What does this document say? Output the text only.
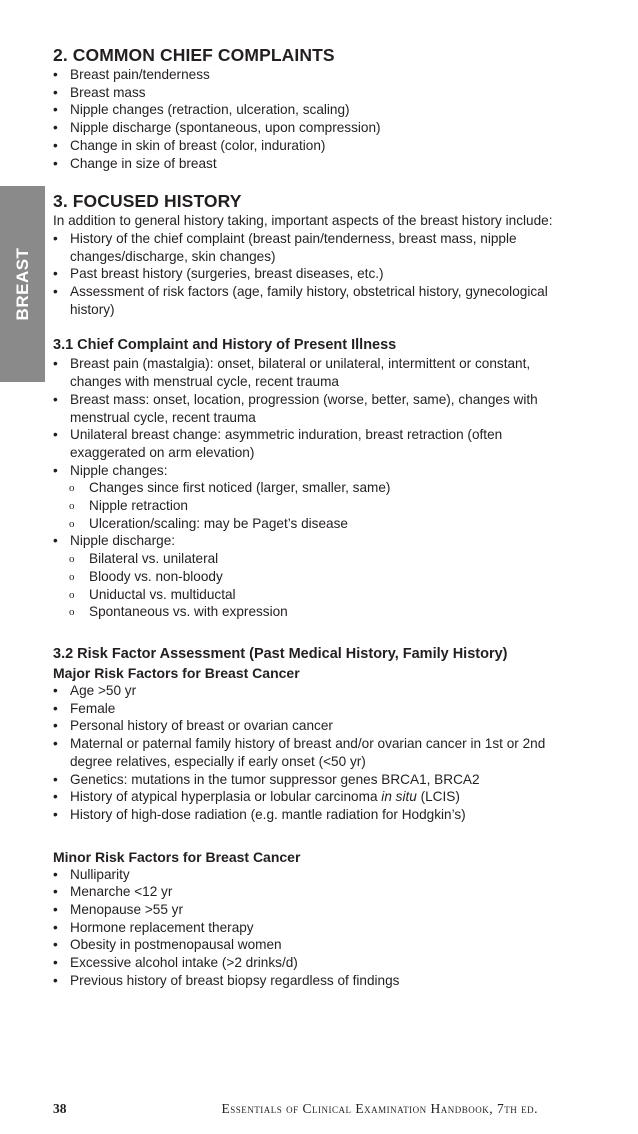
BREAST
2. COMMON CHIEF COMPLAINTS
• Breast pain/tenderness
• Breast mass
• Nipple changes (retraction, ulceration, scaling)
• Nipple discharge (spontaneous, upon compression)
• Change in skin of breast (color, induration)
• Change in size of breast
3. FOCUSED HISTORY

In addition to general history taking, important aspects of the breast history include:

• History of the chief complaint (breast pain/tenderness, breast mass, nipple changes/discharge, skin changes)
• Past breast history (surgeries, breast diseases, etc.)
• Assessment of risk factors (age, family history, obstetrical history, gynecological history)
3.1 Chief Complaint and History of Present Illness
• Breast pain (mastalgia): onset, bilateral or unilateral, intermittent or constant, changes with menstrual cycle, recent trauma
• Breast mass: onset, location, progression (worse, better, same), changes with menstrual cycle, recent trauma
• Unilateral breast change: asymmetric induration, breast retraction (often exaggerated on arm elevation)
• Nipple changes:
o Changes since first noticed (larger, smaller, same)
o Nipple retraction
o Ulceration/scaling: may be Paget’s disease
• Nipple discharge:
o Bilateral vs. unilateral
o Bloody vs. non-bloody
o Uniductal vs. multiductal
o Spontaneous vs. with expression
3.2 Risk Factor Assessment (Past Medical History, Family History)
Major Risk Factors for Breast Cancer
• Age >50 yr
• Female
• Personal history of breast or ovarian cancer
• Maternal or paternal family history of breast and/or ovarian cancer in 1st or 2nd degree relatives, especially if early onset (<50 yr)
• Genetics: mutations in the tumor suppressor genes BRCA1, BRCA2
• History of atypical hyperplasia or lobular carcinoma in situ (LCIS)
• History of high-dose radiation (e.g. mantle radiation for Hodgkin’s)
Minor Risk Factors for Breast Cancer
• Nulliparity
• Menarche <12 yr
• Menopause >55 yr
• Hormone replacement therapy
• Obesity in postmenopausal women
• Excessive alcohol intake (>2 drinks/d)
• Previous history of breast biopsy regardless of findings
38	Essentials of Clinical Examination Handbook, 7th ed.
